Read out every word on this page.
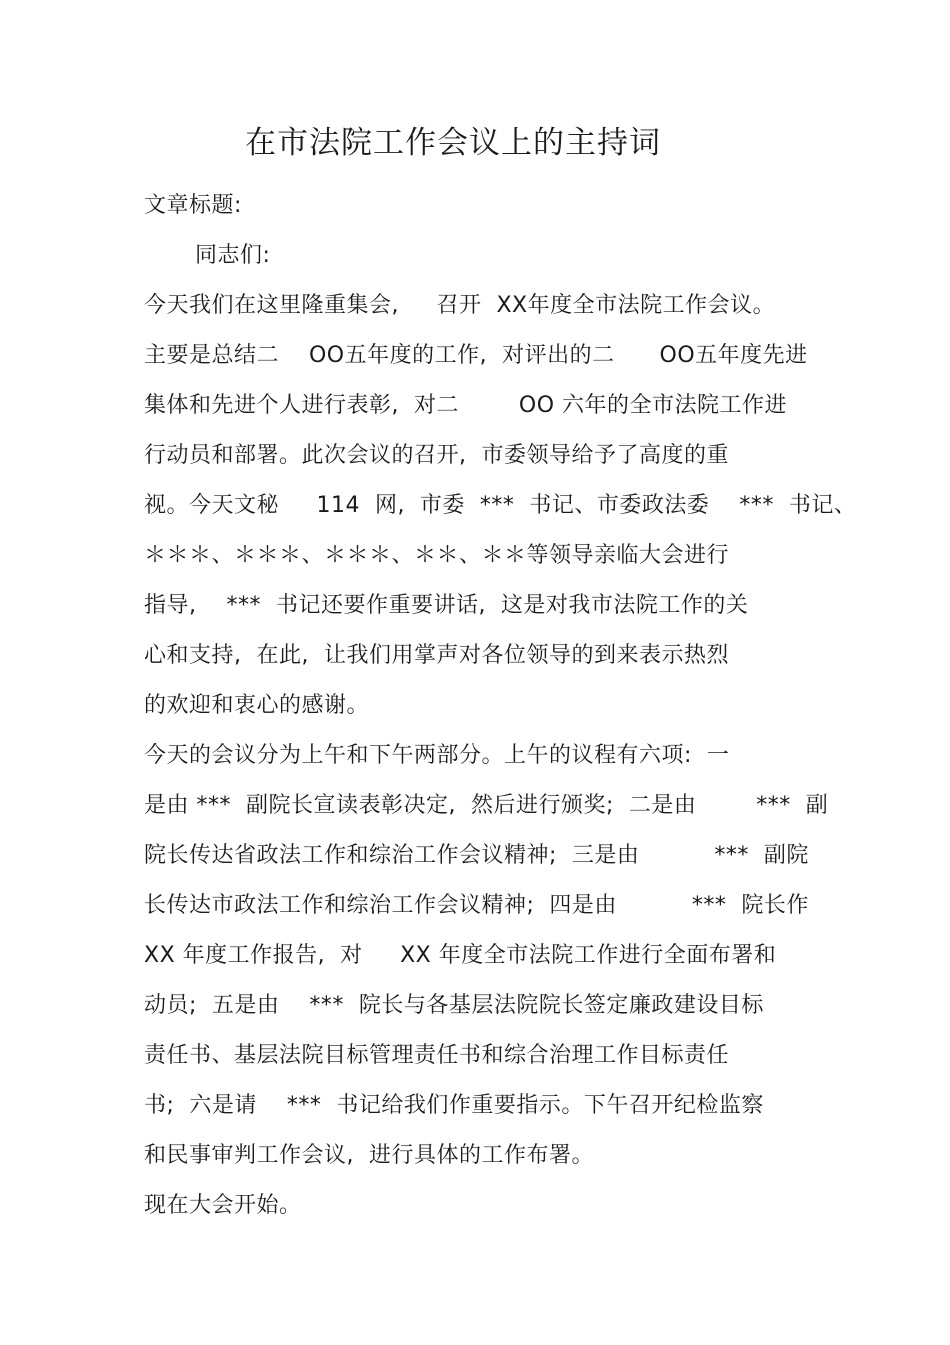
在市法院工作会议上的主持词
文章标题:
同志们:
今天我们在这里隆重集会,     召开  XX年度全市法院工作会议。
主要是总结二    OO五年度的工作,  对评出的二      OO五年度先进
集体和先进个人进行表彰,  对二        OO 六年的全市法院工作进
行动员和部署。此次会议的召开,  市委领导给予了高度的重
视。今天文秘     114  网,  市委  ***  书记、市委政法委    ***  书记、
＊＊＊、＊＊＊、＊＊＊、＊＊、＊＊等领导亲临大会进行
指导,    ***  书记还要作重要讲话,  这是对我市法院工作的关
心和支持,  在此,  让我们用掌声对各位领导的到来表示热烈
的欢迎和衷心的感谢。
今天的会议分为上午和下午两部分。上午的议程有六项:  一
是由 ***  副院长宣读表彰决定,  然后进行颁奖;  二是由        ***  副
院长传达省政法工作和综治工作会议精神;  三是由          ***  副院
长传达市政法工作和综治工作会议精神;  四是由          ***  院长作
XX 年度工作报告,  对     XX 年度全市法院工作进行全面布署和
动员;  五是由    ***  院长与各基层法院院长签定廉政建设目标
责任书、基层法院目标管理责任书和综合治理工作目标责任
书;  六是请    ***  书记给我们作重要指示。下午召开纪检监察
和民事审判工作会议,  进行具体的工作布署。
现在大会开始。
